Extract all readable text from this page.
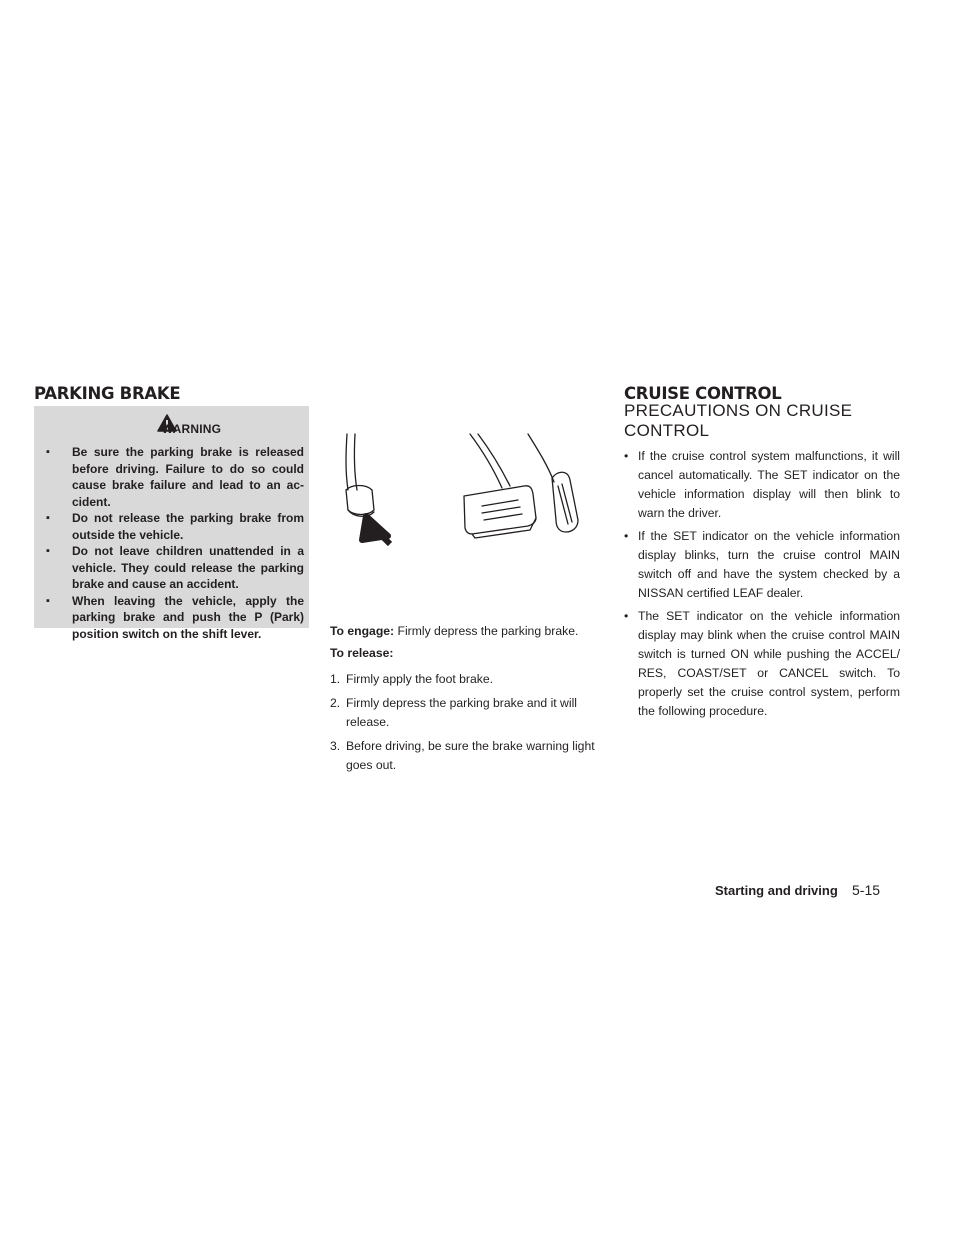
PARKING BRAKE
WARNING
▪ Be sure the parking brake is released before driving. Failure to do so could cause brake failure and lead to an ac-cident.
▪ Do not release the parking brake from outside the vehicle.
▪ Do not leave children unattended in a vehicle. They could release the parking brake and cause an accident.
▪ When leaving the vehicle, apply the parking brake and push the P (Park) position switch on the shift lever.	To engage: Firmly depress the parking brake.
To release:
1. Firmly apply the foot brake.
2. Firmly depress the parking brake and it will release.
3. Before driving, be sure the brake warning light goes out.
CRUISE CONTROL
PRECAUTIONS ON CRUISE CONTROL
• If the cruise control system malfunctions, it will cancel automatically. The SET indicator on the vehicle information display will then blink to warn the driver.
• If the SET indicator on the vehicle information display blinks, turn the cruise control MAIN switch off and have the system checked by a NISSAN certified LEAF dealer.
• The SET indicator on the vehicle information display may blink when the cruise control MAIN switch is turned ON while pushing the ACCEL/ RES, COAST/SET or CANCEL switch. To properly set the cruise control system, perform the following procedure.
Starting and driving 5-15
